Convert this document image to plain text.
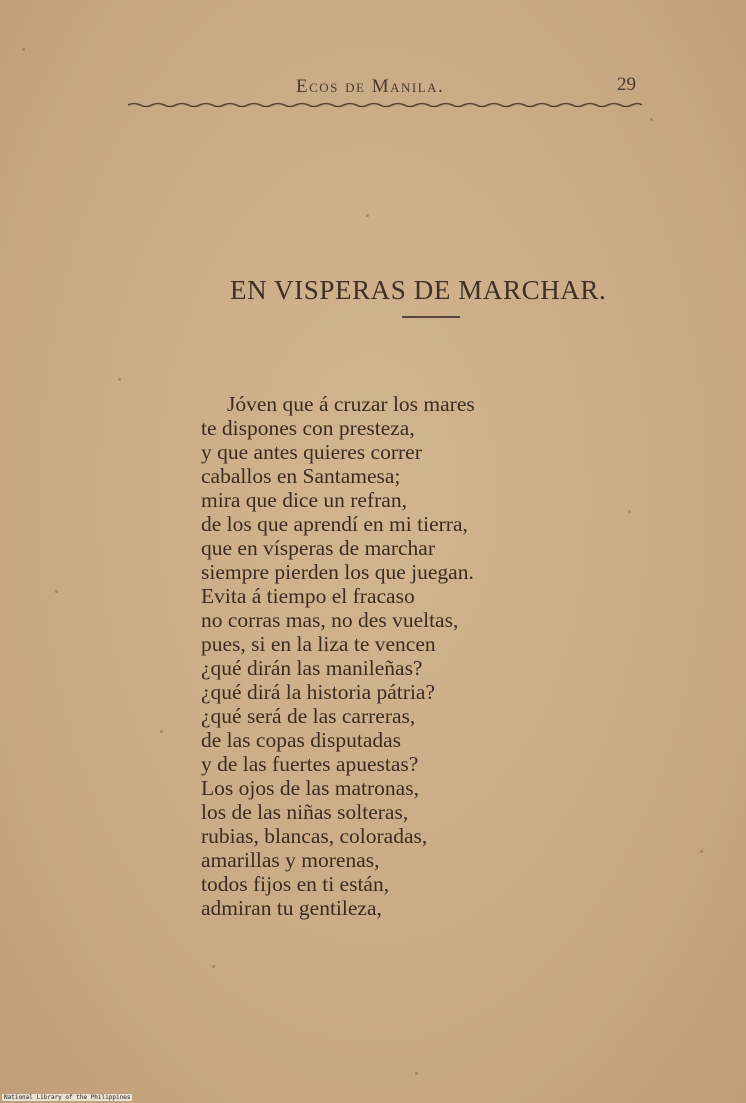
Ecos de Manila.	29
EN VISPERAS DE MARCHAR.
Jóven que á cruzar los mares
te dispones con presteza,
y que antes quieres correr
caballos en Santamesa;
mira que dice un refran,
de los que aprendí en mi tierra,
que en vísperas de marchar
siempre pierden los que juegan.
Evita á tiempo el fracaso
no corras mas, no des vueltas,
pues, si en la liza te vencen
¿qué dirán las manileñas?
¿qué dirá la historia pátria?
¿qué será de las carreras,
de las copas disputadas
y de las fuertes apuestas?
Los ojos de las matronas,
los de las niñas solteras,
rubias, blancas, coloradas,
amarillas y morenas,
todos fijos en ti están,
admiran tu gentileza,
National Library of the Philippines
